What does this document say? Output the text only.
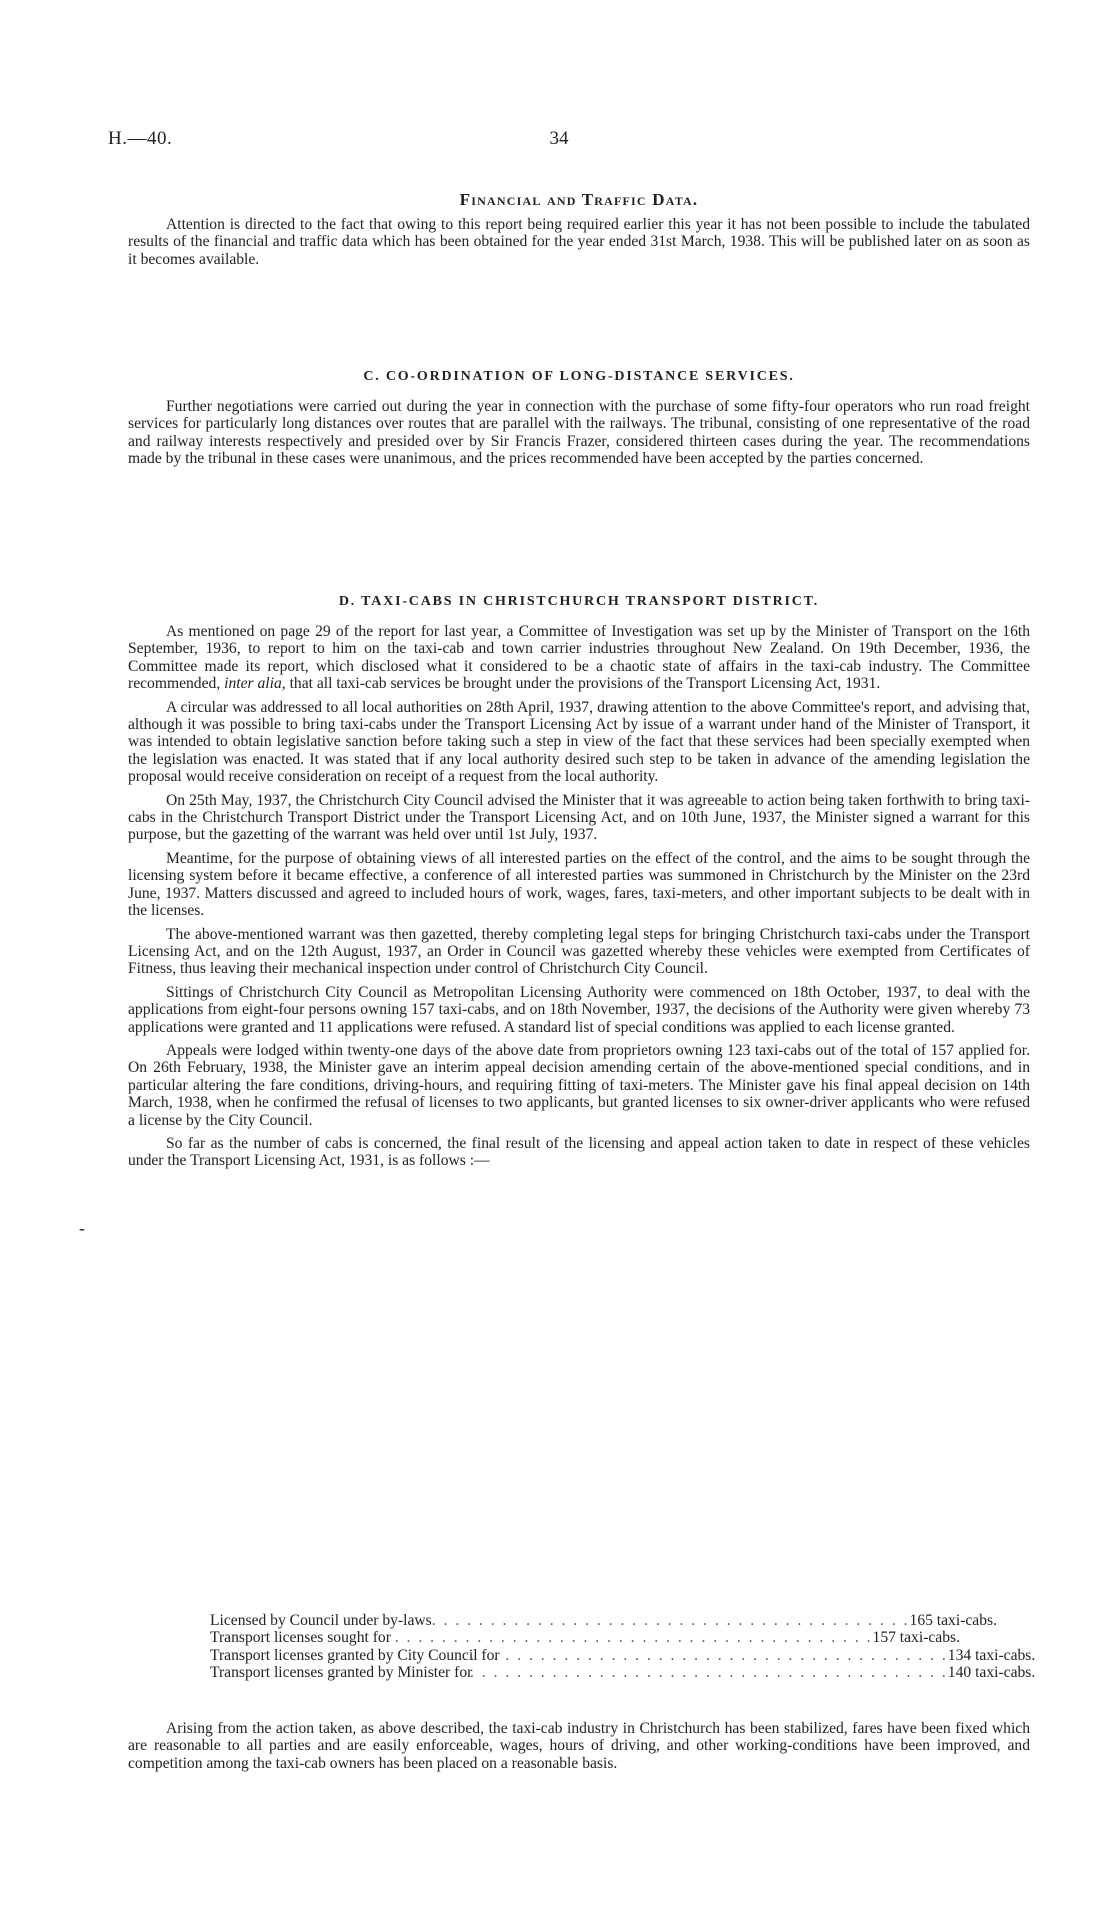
H.—40.	34
Financial and Traffic Data.

Attention is directed to the fact that owing to this report being required earlier this year it has not been possible to include the tabulated results of the financial and traffic data which has been obtained for the year ended 31st March, 1938. This will be published later on as soon as it becomes available.

C. CO-ORDINATION OF LONG-DISTANCE SERVICES.

Further negotiations were carried out during the year in connection with the purchase of some fifty-four operators who run road freight services for particularly long distances over routes that are parallel with the railways. The tribunal, consisting of one representative of the road and railway interests respectively and presided over by Sir Francis Frazer, considered thirteen cases during the year. The recommendations made by the tribunal in these cases were unanimous, and the prices recommended have been accepted by the parties concerned.

D. TAXI-CABS IN CHRISTCHURCH TRANSPORT DISTRICT.

As mentioned on page 29 of the report for last year, a Committee of Investigation was set up by the Minister of Transport on the 16th September, 1936, to report to him on the taxi-cab and town carrier industries throughout New Zealand. On 19th December, 1936, the Committee made its report, which disclosed what it considered to be a chaotic state of affairs in the taxi-cab industry. The Committee recommended, inter alia, that all taxi-cab services be brought under the provisions of the Transport Licensing Act, 1931.

A circular was addressed to all local authorities on 28th April, 1937, drawing attention to the above Committee's report, and advising that, although it was possible to bring taxi-cabs under the Transport Licensing Act by issue of a warrant under hand of the Minister of Transport, it was intended to obtain legislative sanction before taking such a step in view of the fact that these services had been specially exempted when the legislation was enacted. It was stated that if any local authority desired such step to be taken in advance of the amending legislation the proposal would receive consideration on receipt of a request from the local authority.

On 25th May, 1937, the Christchurch City Council advised the Minister that it was agreeable to action being taken forthwith to bring taxi-cabs in the Christchurch Transport District under the Transport Licensing Act, and on 10th June, 1937, the Minister signed a warrant for this purpose, but the gazetting of the warrant was held over until 1st July, 1937.

Meantime, for the purpose of obtaining views of all interested parties on the effect of the control, and the aims to be sought through the licensing system before it became effective, a conference of all interested parties was summoned in Christchurch by the Minister on the 23rd June, 1937. Matters discussed and agreed to included hours of work, wages, fares, taxi-meters, and other important subjects to be dealt with in the licenses.

The above-mentioned warrant was then gazetted, thereby completing legal steps for bringing Christchurch taxi-cabs under the Transport Licensing Act, and on the 12th August, 1937, an Order in Council was gazetted whereby these vehicles were exempted from Certificates of Fitness, thus leaving their mechanical inspection under control of Christchurch City Council.

Sittings of Christchurch City Council as Metropolitan Licensing Authority were commenced on 18th October, 1937, to deal with the applications from eight-four persons owning 157 taxi-cabs, and on 18th November, 1937, the decisions of the Authority were given whereby 73 applications were granted and 11 applications were refused. A standard list of special conditions was applied to each license granted.

Appeals were lodged within twenty-one days of the above date from proprietors owning 123 taxi-cabs out of the total of 157 applied for. On 26th February, 1938, the Minister gave an interim appeal decision amending certain of the above-mentioned special conditions, and in particular altering the fare conditions, driving-hours, and requiring fitting of taxi-meters. The Minister gave his final appeal decision on 14th March, 1938, when he confirmed the refusal of licenses to two applicants, but granted licenses to six owner-driver applicants who were refused a license by the City Council.

So far as the number of cabs is concerned, the final result of the licensing and appeal action taken to date in respect of these vehicles under the Transport Licensing Act, 1931, is as follows :—

Licensed by Council under by-laws . . . . . . . . . . . . . . . . . . . . . . . . . . . . . . . . . . . . . . . . . 165 taxi-cabs.
Transport licenses sought for . . . . . . . . . . . . . . . . . . . . . . . . . . . . . . . . . . . . . . . . . 157 taxi-cabs.
Transport licenses granted by City Council for
. . . . . . . . . . . . . . . . . . . . . . . . . . . . . . . . . . . . . . . . . 134 taxi-cabs.
Transport licenses granted by Minister for
. . . . . . . . . . . . . . . . . . . . . . . . . . . . . . . . . . . . . . . . . 140 taxi-cabs.

Arising from the action taken, as above described, the taxi-cab industry in Christchurch has been stabilized, fares have been fixed which are reasonable to all parties and are easily enforceable, wages, hours of driving, and other working-conditions have been improved, and competition among the taxi-cab owners has been placed on a reasonable basis.

-
